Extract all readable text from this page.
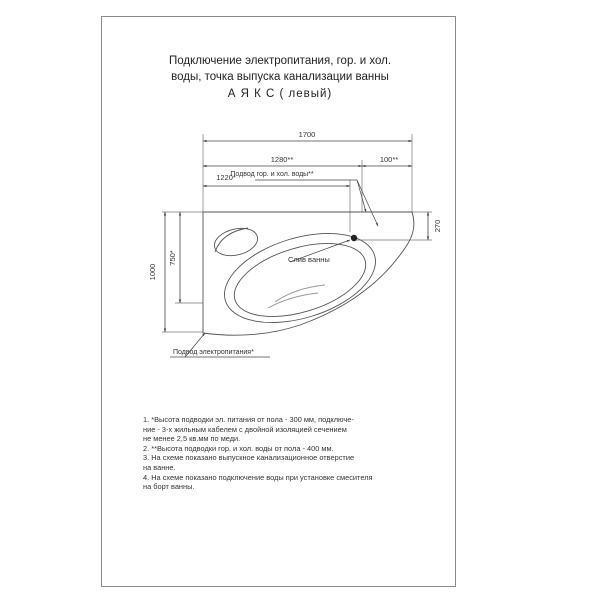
Подключение электропитания, гор. и хол.
воды, точка выпуска канализации ванны
А Я К С ( левый)
1700
1280**	100**
1220*
Подвод гор. и хол. воды**
270
1000
750*	Слив ванны
Подвод электропитания*
1. *Высота подводки эл. питания от пола - 300 мм, подключе-
ние - 3-х жильным кабелем с двойной изоляцией сечением
не менее 2,5 кв.мм по меди.
2. **Высота подводки гор. и хол. воды от пола - 400 мм.
3. На схеме показано выпускное канализационное отверстие
на ванне.
4. На схеме показано подключение воды при установке смесителя
на борт ванны.
